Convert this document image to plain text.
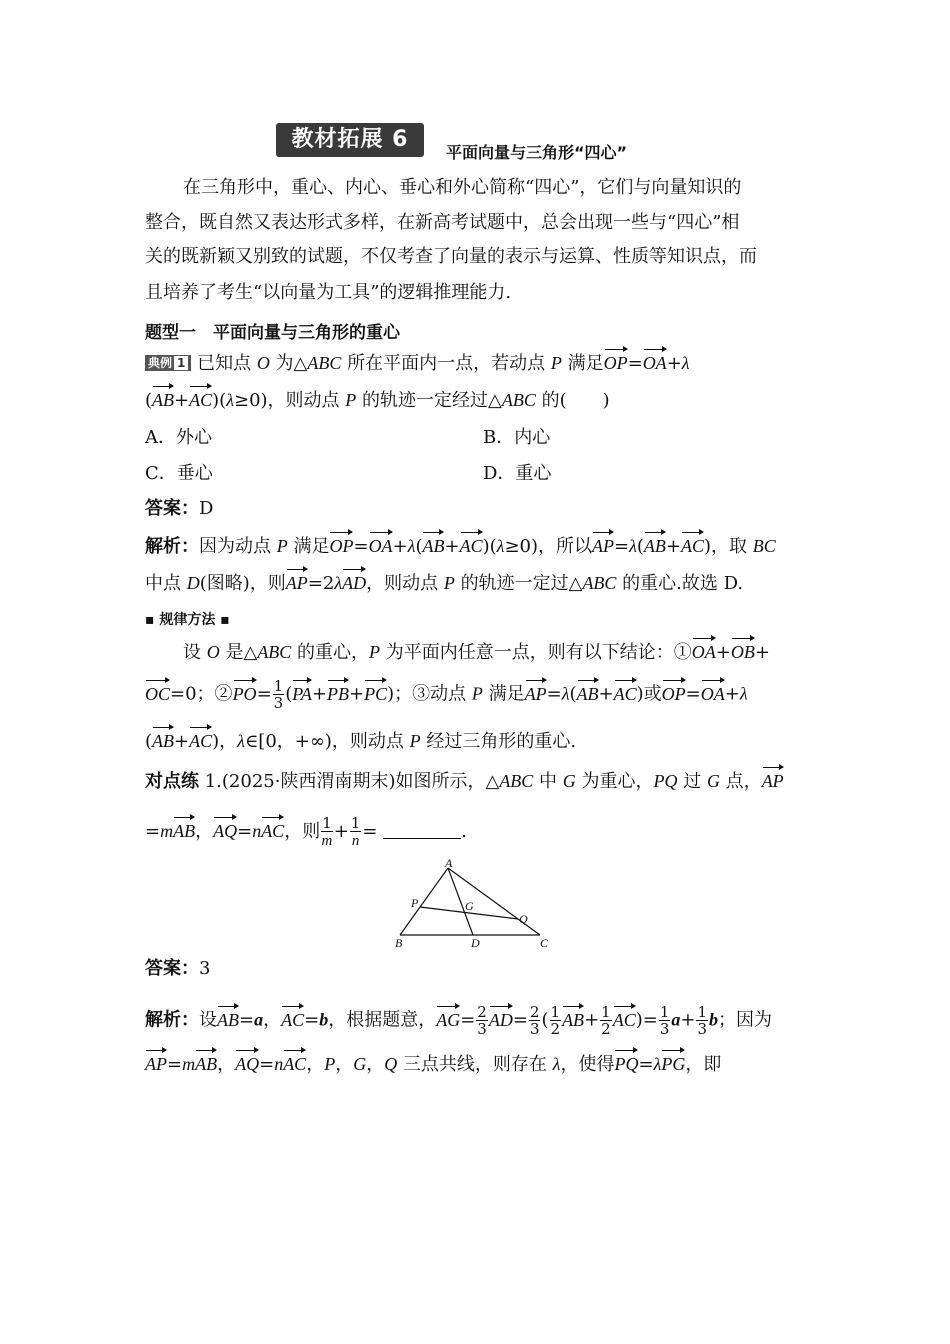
教材拓展 6
平面向量与三角形“四心”
在三角形中，重心、内心、垂心和外心简称“四心”，它们与向量知识的
整合，既自然又表达形式多样，在新高考试题中，总会出现一些与“四心”相
关的既新颖又别致的试题，不仅考查了向量的表示与运算、性质等知识点，而
且培养了考生“以向量为工具”的逻辑推理能力.
题型一　平面向量与三角形的重心
典例 1 已知点 O 为△ABC 所在平面内一点，若动点 P 满足OP=OA+λ
(AB+AC)(λ≥0)，则动点 P 的轨迹一定经过△ABC 的(　　)
A．外心	B．内心
C．垂心	D．重心
答案：D
解析：因为动点 P 满足OP=OA+λ(AB+AC)(λ≥0)，所以AP=λ(AB+AC)，取 BC
中点 D(图略)，则AP=2λAD，则动点 P 的轨迹一定过△ABC 的重心.故选 D.
▪ 规律方法 ▪
设 O 是△ABC 的重心，P 为平面内任意一点，则有以下结论：①OA+OB+
OC=0；②PO= $\frac{1}{3} (PA+PB+PC)$；③动点 P 满足AP=λ(AB+AC)或OP=OA+λ
(AB+AC)，λ∈[0，+∞)，则动点 P 经过三角形的重心.
对点练 1.(2025·陕西渭南期末)如图所示，△ABC 中 G 为重心，PQ 过 G 点，AP
=mAB，AQ=nAC，则 $\frac{1}{m} + \frac{1}{n}$ =	.
A
P	G
Q
B	D	C
答案：3
解析：设AB=a，AC=b，根据题意，$AG= \frac{2}{3} AD= \frac{2}{3}$ ( $\frac{1}{2} AB+ \frac{1}{2} AC)= \frac{1}{3} a+ \frac{1}{3}$ b；因为
AP=mAB，AQ=nAC，P，G，Q 三点共线，则存在 λ，使得PQ=λPG，即
